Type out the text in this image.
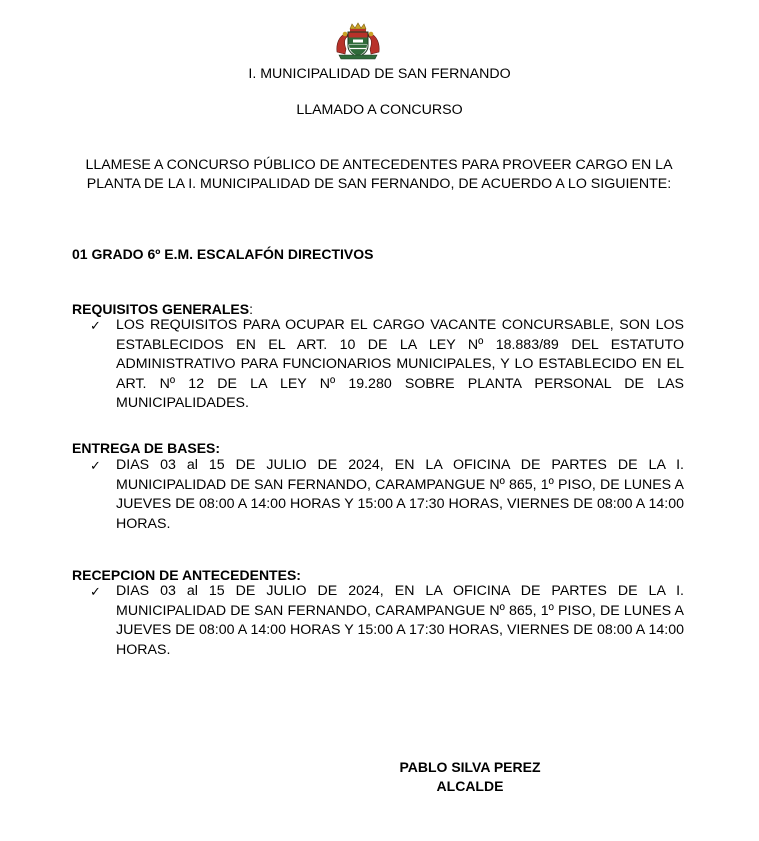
I. MUNICIPALIDAD DE SAN FERNANDO
LLAMADO A CONCURSO
LLAMESE A CONCURSO PÚBLICO DE ANTECEDENTES PARA PROVEER CARGO EN LA PLANTA DE LA I. MUNICIPALIDAD DE SAN FERNANDO, DE ACUERDO A LO SIGUIENTE:
01 GRADO 6º E.M. ESCALAFÓN DIRECTIVOS
REQUISITOS GENERALES:
✓ LOS REQUISITOS PARA OCUPAR EL CARGO VACANTE CONCURSABLE, SON LOS ESTABLECIDOS EN EL ART. 10 DE LA LEY Nº 18.883/89 DEL ESTATUTO ADMINISTRATIVO PARA FUNCIONARIOS MUNICIPALES, Y LO ESTABLECIDO EN EL ART. Nº 12 DE LA LEY Nº 19.280 SOBRE PLANTA PERSONAL DE LAS MUNICIPALIDADES.
ENTREGA DE BASES:
✓ DIAS 03 al 15 DE JULIO DE 2024, EN LA OFICINA DE PARTES DE LA I. MUNICIPALIDAD DE SAN FERNANDO, CARAMPANGUE Nº 865, 1º PISO, DE LUNES A JUEVES DE 08:00 A 14:00 HORAS Y 15:00 A 17:30 HORAS, VIERNES DE 08:00 A 14:00 HORAS.
RECEPCION DE ANTECEDENTES:
✓ DIAS 03 al 15 DE JULIO DE 2024, EN LA OFICINA DE PARTES DE LA I. MUNICIPALIDAD DE SAN FERNANDO, CARAMPANGUE Nº 865, 1º PISO, DE LUNES A JUEVES DE 08:00 A 14:00 HORAS Y 15:00 A 17:30 HORAS, VIERNES DE 08:00 A 14:00 HORAS.
PABLO SILVA PEREZ
ALCALDE
